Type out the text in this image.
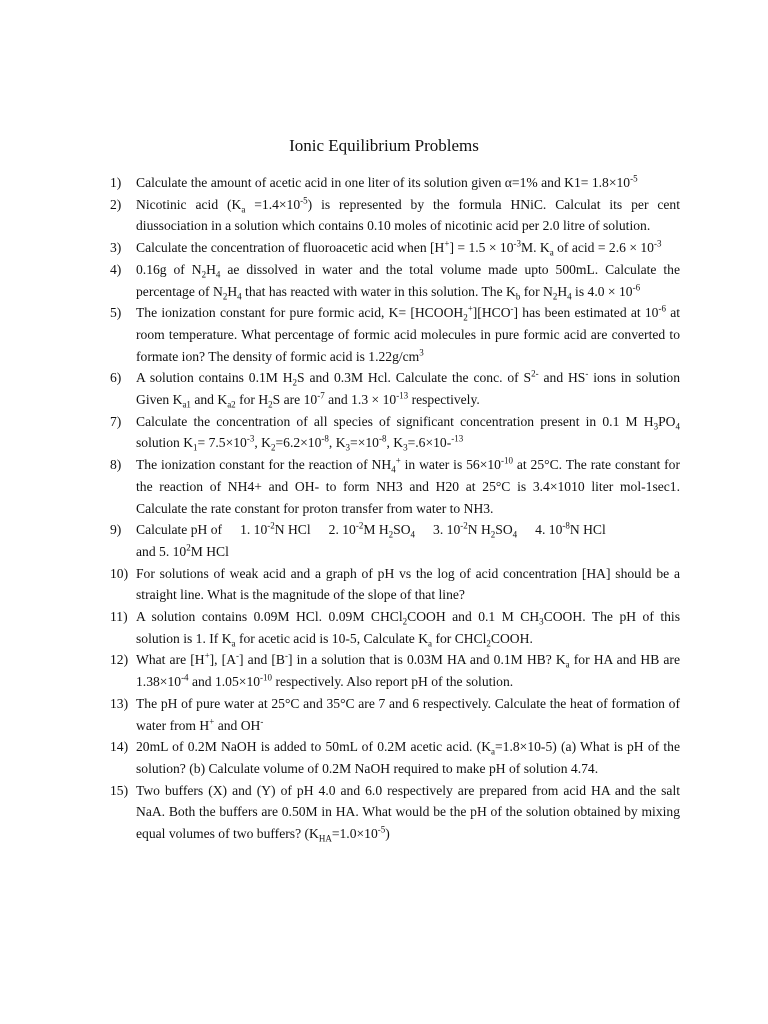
Ionic Equilibrium Problems
1)	Calculate the amount of acetic acid in one liter of its solution given α=1% and $K1= 1.8\times 10^{-5}$
2)	Nicotinic acid $(K_a =1.4\times 10^{-5})$ is represented by the formula HNiC. Calculat its per cent diussociation in a solution which contains 0.10 moles of nicotinic acid per 2.0 litre of solution.
3)	Calculate the concentration of fluoroacetic acid when $[H^+] = 1.5 \times 10^{-3}M$. $K_a$ of acid = $2.6 \times 10^{-3}$
4)	0.16g of $N_2H_4$ ae dissolved in water and the total volume made upto 500mL. Calculate the percentage of $N_2H_4$ that has reacted with water in this solution. The $K_b$ for $N_2H_4$ is $4.0 \times 10^{-6}$
5)	The ionization constant for pure formic acid, $K= [HCOOH_2^+][HCO^-]$ has been estimated at $10^{-6}$ at room temperature. What percentage of formic acid molecules in pure formic acid are converted to formate ion? The density of formic acid is $1.22g/cm^3$
6)	A solution contains 0.1M $H_2S$ and 0.3M Hcl. Calculate the conc. of $S^{2-}$ and HS- ions in solution Given $K_{a1}$ and $K_{a2}$ for $H_2S$ are $10^{-7}$ and $1.3 \times 10^{-13}$ respectively.
7)	Calculate the concentration of all species of significant concentration present in 0.1 M $H_3PO_4$ solution $K_1= 7.5\times 10^{-3}$, $K_2=6.2\times 10^{-8}$, $K_3=\times 10^{-8}$, $K_3=.6\times 10-^{-13}$
8)	The ionization constant for the reaction of $NH_4^+$ in water is $56\times 10^{-10}$ at 25°C. The rate constant for the reaction of NH4+ and OH- to form NH3 and H20 at 25°C is 3.4×1010 liter mol-1sec1. Calculate the rate constant for proton transfer from water to NH3.
9)	Calculate pH of 1. $10^{-2}N$ HCl 2. $10^{-2}M$ $H_2SO_4$ 3. $10^{-2}N$ $H_2SO_4$ 4. $10^{-8}N$ HCl
and 5. $10^2M$ HCl
10) For solutions of weak acid and a graph of pH vs the log of acid concentration [HA] should be a straight line. What is the magnitude of the slope of that line?
11) A solution contains 0.09M HCl. 0.09M CHCl$_2$COOH and 0.1 M $CH_3COOH$. The pH of this solution is 1. If $K_a$ for acetic acid is 10-5, Calculate $K_a$ for CHCl$_2$COOH.
12) What are [H+], [A-] and [B-] in a solution that is 0.03M HA and 0.1M HB? $K_a$ for HA and HB are $1.38\times 10^{-4}$ and $1.05\times 10^{-10}$ respectively. Also report pH of the solution.
13) The pH of pure water at 25°C and 35°C are 7 and 6 respectively. Calculate the heat of formation of water from H+ and OH-
14) 20mL of 0.2M NaOH is added to 50mL of 0.2M acetic acid. $(K_a=1.8\times 10-5)$ (a) What is pH of the solution? (b) Calculate volume of 0.2M NaOH required to make pH of solution 4.74.
15) Two buffers (X) and (Y) of pH 4.0 and 6.0 respectively are prepared from acid HA and the salt NaA. Both the buffers are 0.50M in HA. What would be the pH of the solution obtained by mixing equal volumes of two buffers? $(K_{HA}=1.0\times 10^{-5})$
